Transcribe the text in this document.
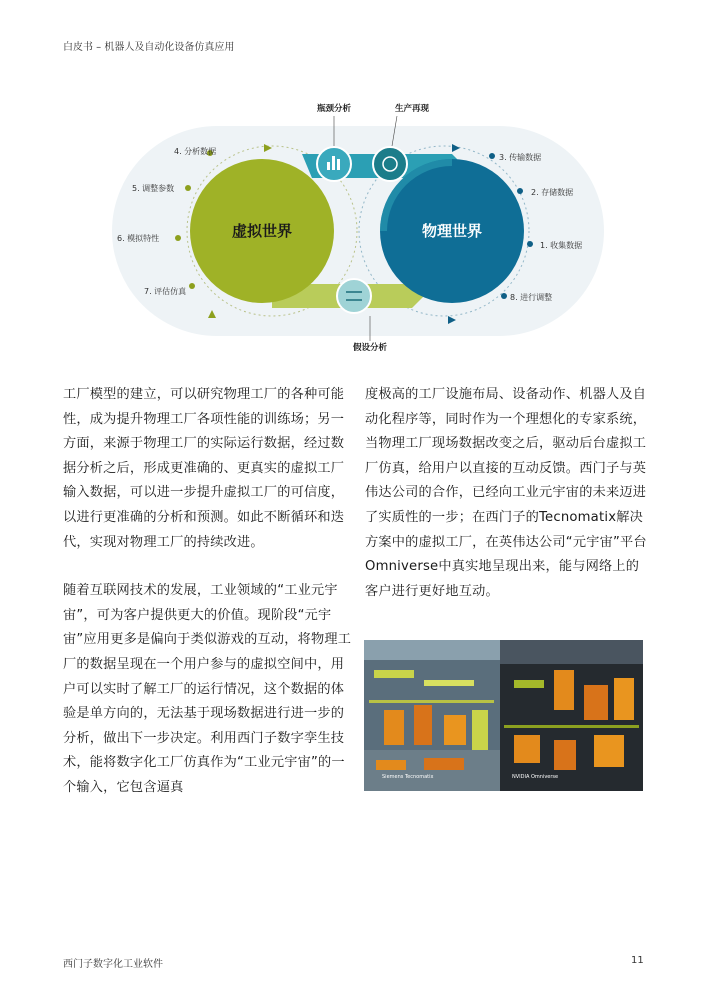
白皮书 – 机器人及自动化设备仿真应用
虚拟世界	物理世界
瓶颈分析	生产再现
假设分析
4. 分析数据
5. 调整参数
6. 模拟特性
7. 评估仿真
3. 传输数据
2. 存储数据
1. 收集数据
8. 进行调整

工厂模型的建立，可以研究物理工厂的各种可能性，成为提升物理工厂各项性能的训练场；另一方面，来源于物理工厂的实际运行数据，经过数据分析之后，形成更准确的、更真实的虚拟工厂输入数据，可以进一步提升虚拟工厂的可信度，以进行更准确的分析和预测。如此不断循环和迭代，实现对物理工厂的持续改进。

随着互联网技术的发展，工业领域的“工业元宇宙”，可为客户提供更大的价值。现阶段“元宇宙”应用更多是偏向于类似游戏的互动，将物理工厂的数据呈现在一个用户参与的虚拟空间中，用户可以实时了解工厂的运行情况，这个数据的体验是单方向的，无法基于现场数据进行进一步的分析，做出下一步决定。利用西门子数字孪生技术，能将数字化工厂仿真作为“工业元宇宙”的一个输入，它包含逼真

度极高的工厂设施布局、设备动作、机器人及自动化程序等，同时作为一个理想化的专家系统，当物理工厂现场数据改变之后，驱动后台虚拟工厂仿真，给用户以直接的互动反馈。西门子与英伟达公司的合作，已经向工业元宇宙的未来迈进了实质性的一步；在西门子的Tecnomatix解决方案中的虚拟工厂，在英伟达公司“元宇宙”平台Omniverse中真实地呈现出来，能与网络上的客户进行更好地互动。

Siemens Tecnomatix	NVIDIA Omniverse
西门子数字化工业软件	11
